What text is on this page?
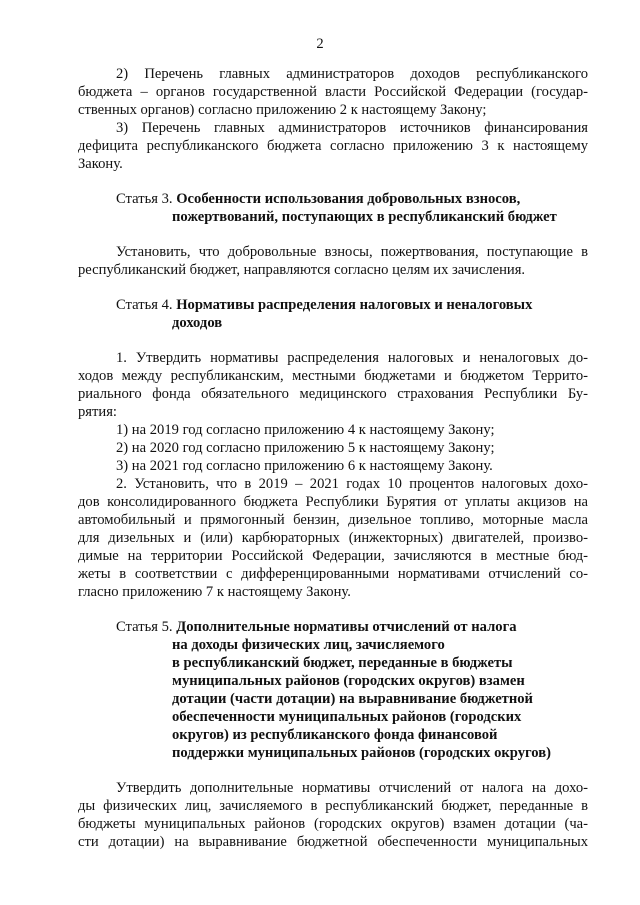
2
2) Перечень главных администраторов доходов республиканского
бюджета – органов государственной власти Российской Федерации (государ-
ственных органов) согласно приложению 2 к настоящему Закону;
3) Перечень главных администраторов источников финансирования
дефицита республиканского бюджета согласно приложению 3 к настоящему
Закону.
Статья 3. Особенности использования добровольных взносов,
пожертвований, поступающих в республиканский бюджет
Установить, что добровольные взносы, пожертвования, поступающие в
республиканский бюджет, направляются согласно целям их зачисления.
Статья 4. Нормативы распределения налоговых и неналоговых
доходов
1. Утвердить нормативы распределения налоговых и неналоговых до-
ходов между республиканским, местными бюджетами и бюджетом Террито-
риального фонда обязательного медицинского страхования Республики Бу-
рятия:
1) на 2019 год согласно приложению 4 к настоящему Закону;
2) на 2020 год согласно приложению 5 к настоящему Закону;
3) на 2021 год согласно приложению 6 к настоящему Закону.
2. Установить, что в 2019 – 2021 годах 10 процентов налоговых дохо-
дов консолидированного бюджета Республики Бурятия от уплаты акцизов на
автомобильный и прямогонный бензин, дизельное топливо, моторные масла
для дизельных и (или) карбюраторных (инжекторных) двигателей, произво-
димые на территории Российской Федерации, зачисляются в местные бюд-
жеты в соответствии с дифференцированными нормативами отчислений со-
гласно приложению 7 к настоящему Закону.
Статья 5. Дополнительные нормативы отчислений от налога
на доходы физических лиц, зачисляемого
в республиканский бюджет, переданные в бюджеты
муниципальных районов (городских округов) взамен
дотации (части дотации) на выравнивание бюджетной
обеспеченности муниципальных районов (городских
округов) из республиканского фонда финансовой
поддержки муниципальных районов (городских округов)
Утвердить дополнительные нормативы отчислений от налога на дохо-
ды физических лиц, зачисляемого в республиканский бюджет, переданные в
бюджеты муниципальных районов (городских округов) взамен дотации (ча-
сти дотации) на выравнивание бюджетной обеспеченности муниципальных
